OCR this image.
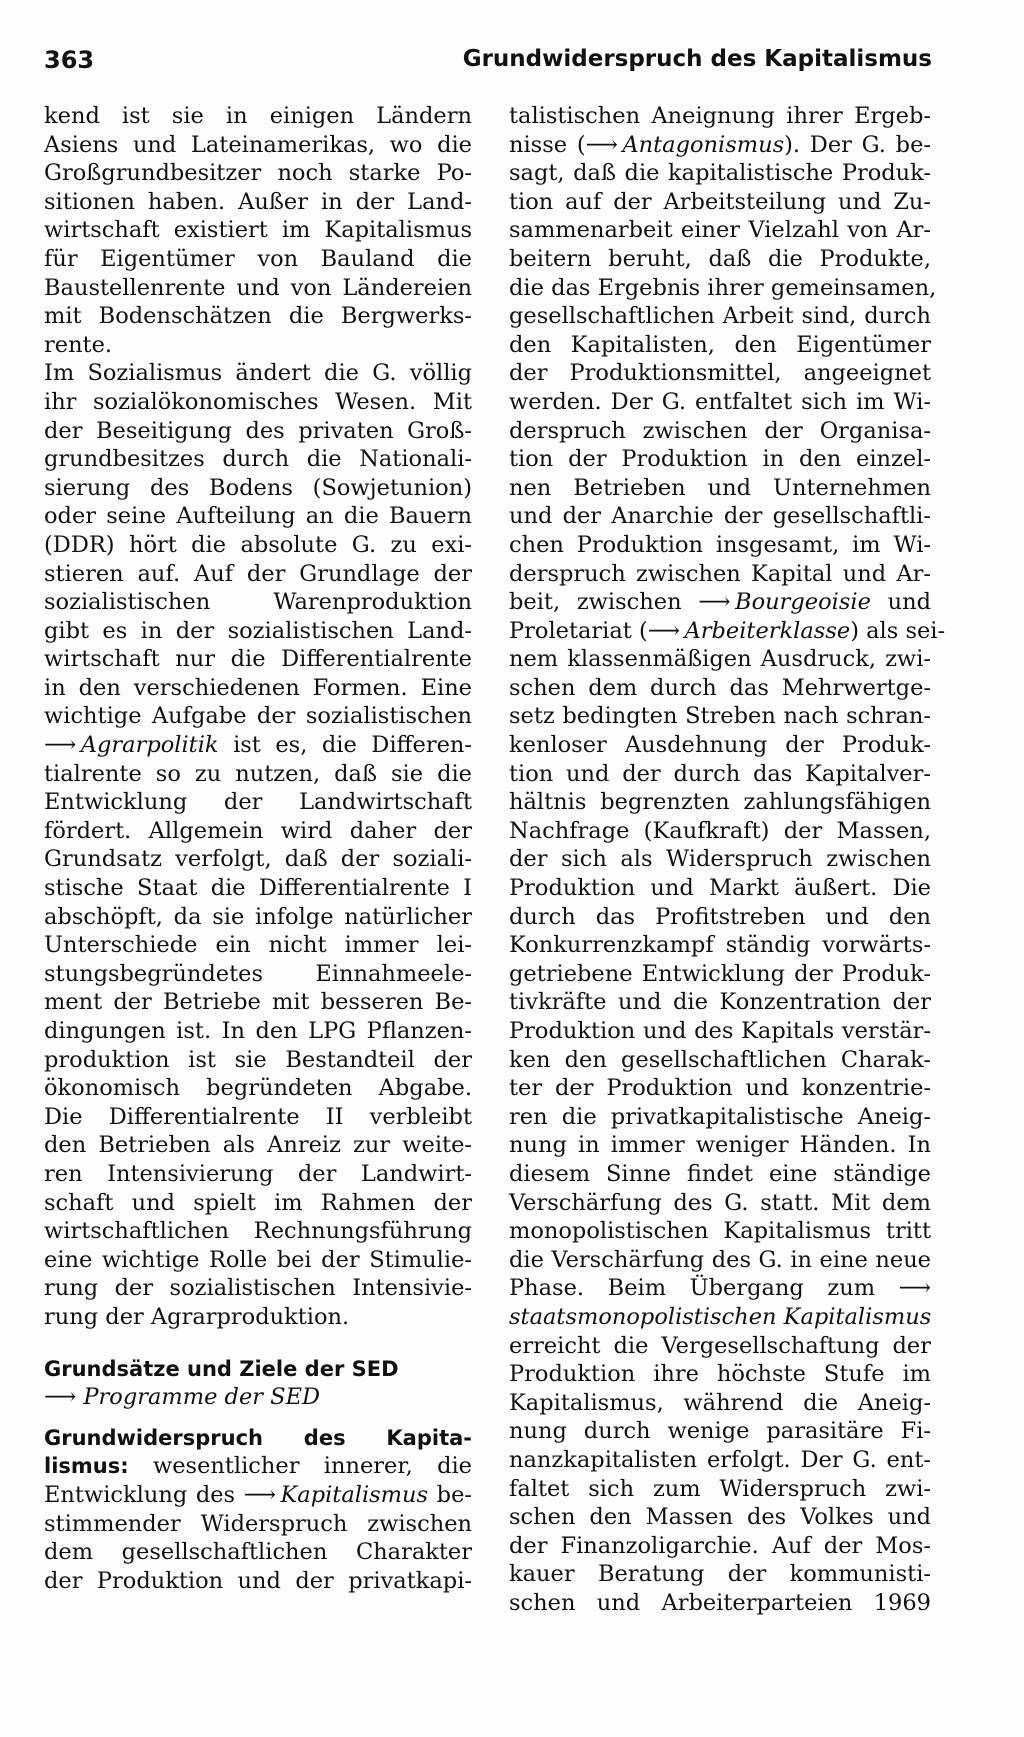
363	Grundwiderspruch des Kapitalismus
kend ist sie in einigen Ländern
Asiens und Lateinamerikas, wo die
Großgrundbesitzer noch starke Po-
sitionen haben. Außer in der Land-
wirtschaft existiert im Kapitalismus
für Eigentümer von Bauland die
Baustellenrente und von Ländereien
mit Bodenschätzen die Bergwerks-
rente.
Im Sozialismus ändert die G. völlig
ihr sozialökonomisches Wesen. Mit
der Beseitigung des privaten Groß-
grundbesitzes durch die Nationali-
sierung des Bodens (Sowjetunion)
oder seine Aufteilung an die Bauern
(DDR) hört die absolute G. zu exi-
stieren auf. Auf der Grundlage der
sozialistischen Warenproduktion
gibt es in der sozialistischen Land-
wirtschaft nur die Differentialrente
in den verschiedenen Formen. Eine
wichtige Aufgabe der sozialistischen
⟶  Agrarpolitik ist es, die Differen-
tialrente so zu nutzen, daß sie die
Entwicklung der Landwirtschaft
fördert. Allgemein wird daher der
Grundsatz verfolgt, daß der soziali-
stische Staat die Differentialrente I
abschöpft, da sie infolge natürlicher
Unterschiede ein nicht immer lei-
stungsbegründetes Einnahmeele-
ment der Betriebe mit besseren Be-
dingungen ist. In den LPG Pflanzen-
produktion ist sie Bestandteil der
ökonomisch begründeten Abgabe.
Die Differentialrente II verbleibt
den Betrieben als Anreiz zur weite-
ren Intensivierung der Landwirt-
schaft und spielt im Rahmen der
wirtschaftlichen Rechnungsführung
eine wichtige Rolle bei der Stimulie-
rung der sozialistischen Intensivie-
rung der Agrarproduktion.
Grundsätze und Ziele der SED
⟶ Programme der SED
Grundwiderspruch des Kapita-
lismus: wesentlicher innerer, die
Entwicklung des ⟶  Kapitalismus be-
stimmender Widerspruch zwischen
dem gesellschaftlichen Charakter
der Produktion und der privatkapi-
talistischen Aneignung ihrer Ergeb-
nisse (⟶  Antagonismus). Der G. be-
sagt, daß die kapitalistische Produk-
tion auf der Arbeitsteilung und Zu-
sammenarbeit einer Vielzahl von Ar-
beitern beruht, daß die Produkte,
die das Ergebnis ihrer gemeinsamen,
gesellschaftlichen Arbeit sind, durch
den Kapitalisten, den Eigentümer
der Produktionsmittel, angeeignet
werden. Der G. entfaltet sich im Wi-
derspruch zwischen der Organisa-
tion der Produktion in den einzel-
nen Betrieben und Unternehmen
und der Anarchie der gesellschaftli-
chen Produktion insgesamt, im Wi-
derspruch zwischen Kapital und Ar-
beit, zwischen ⟶  Bourgeoisie und
Proletariat (⟶  Arbeiterklasse) als sei-
nem klassenmäßigen Ausdruck, zwi-
schen dem durch das Mehrwertge-
setz bedingten Streben nach schran-
kenloser Ausdehnung der Produk-
tion und der durch das Kapitalver-
hältnis begrenzten zahlungsfähigen
Nachfrage (Kaufkraft) der Massen,
der sich als Widerspruch zwischen
Produktion und Markt äußert. Die
durch das Profitstreben und den
Konkurrenzkampf ständig vorwärts-
getriebene Entwicklung der Produk-
tivkräfte und die Konzentration der
Produktion und des Kapitals verstär-
ken den gesellschaftlichen Charak-
ter der Produktion und konzentrie-
ren die privatkapitalistische Aneig-
nung in immer weniger Händen. In
diesem Sinne findet eine ständige
Verschärfung des G. statt. Mit dem
monopolistischen Kapitalismus tritt
die Verschärfung des G. in eine neue
Phase. Beim Übergang zum ⟶
staatsmonopolistischen Kapitalismus
erreicht die Vergesellschaftung der
Produktion ihre höchste Stufe im
Kapitalismus, während die Aneig-
nung durch wenige parasitäre Fi-
nanzkapitalisten erfolgt. Der G. ent-
faltet sich zum Widerspruch zwi-
schen den Massen des Volkes und
der Finanzoligarchie. Auf der Mos-
kauer Beratung der kommunisti-
schen und Arbeiterparteien 1969
